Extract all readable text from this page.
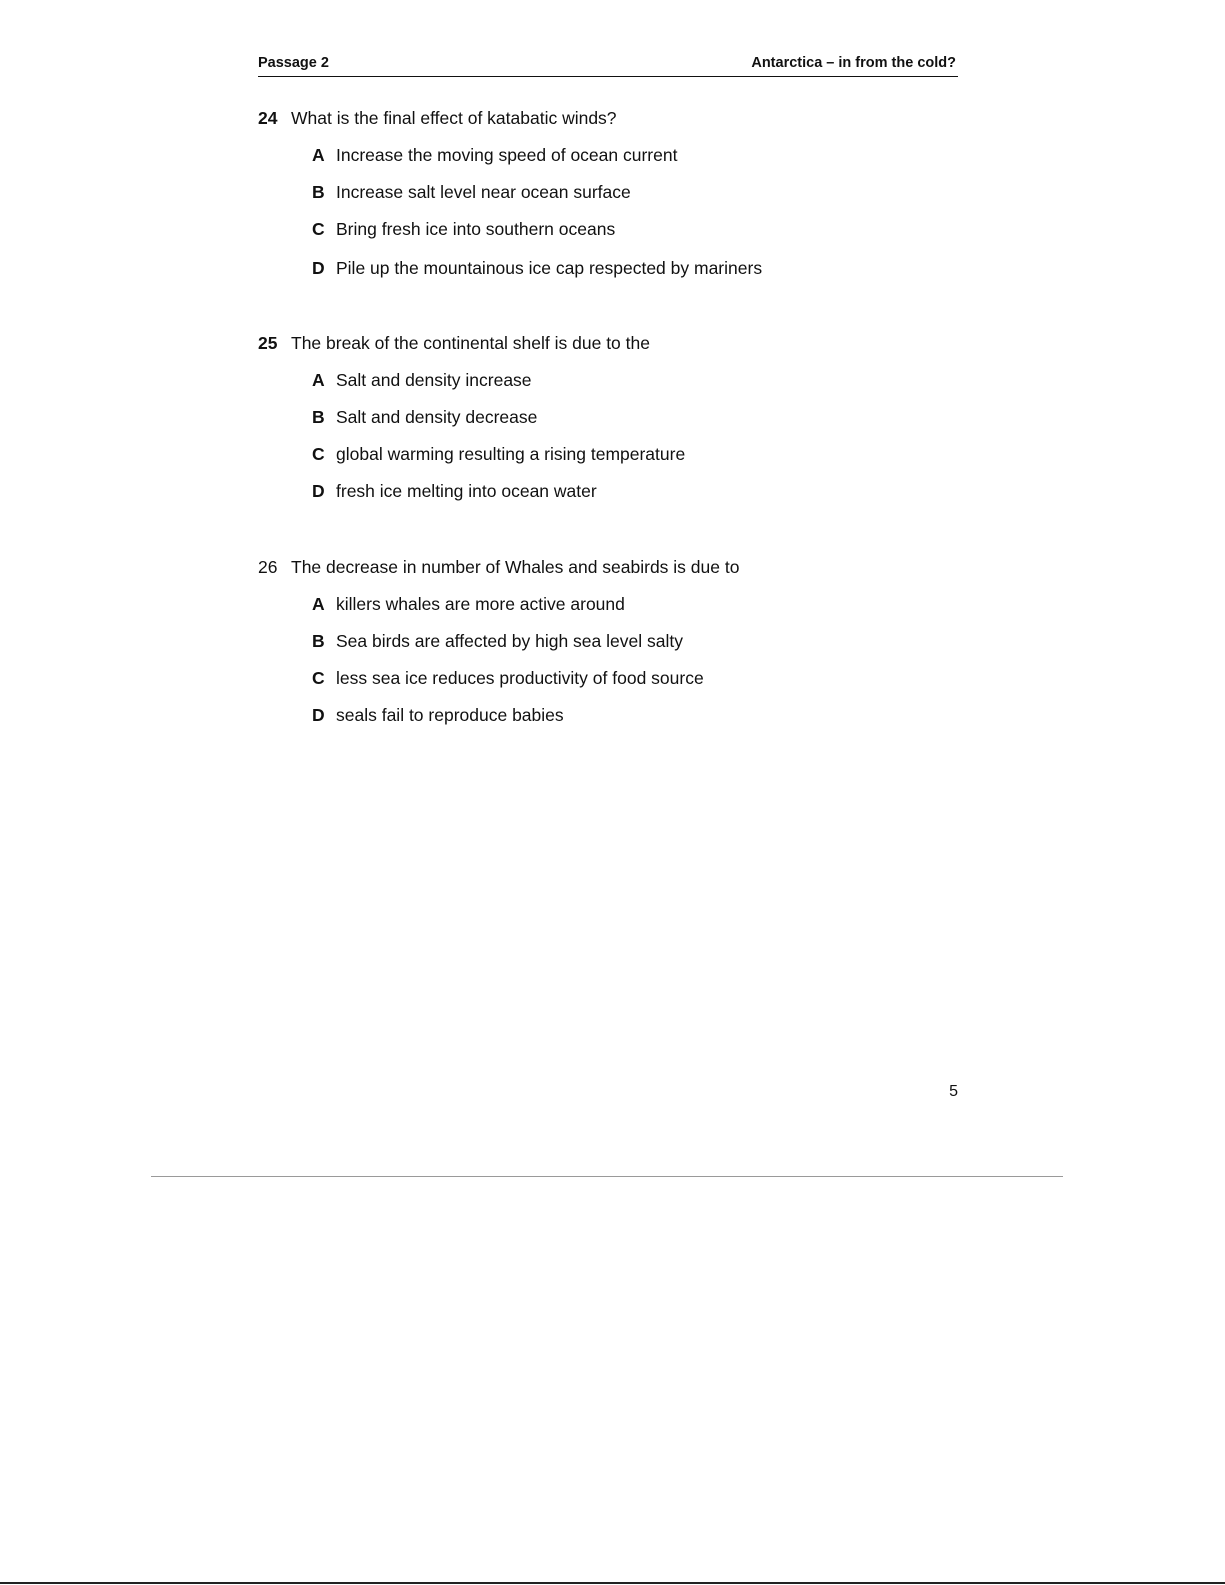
Passage 2	Antarctica – in from the cold?
24 What is the final effect of katabatic winds?
A Increase the moving speed of ocean current
B Increase salt level near ocean surface
C Bring fresh ice into southern oceans
D Pile up the mountainous ice cap respected by mariners
25 The break of the continental shelf is due to the
A Salt and density increase
B Salt and density decrease
C global warming resulting a rising temperature
D fresh ice melting into ocean water
26 The decrease in number of Whales and seabirds is due to
A killers whales are more active around
B Sea birds are affected by high sea level salty
C less sea ice reduces productivity of food source
D seals fail to reproduce babies
5
